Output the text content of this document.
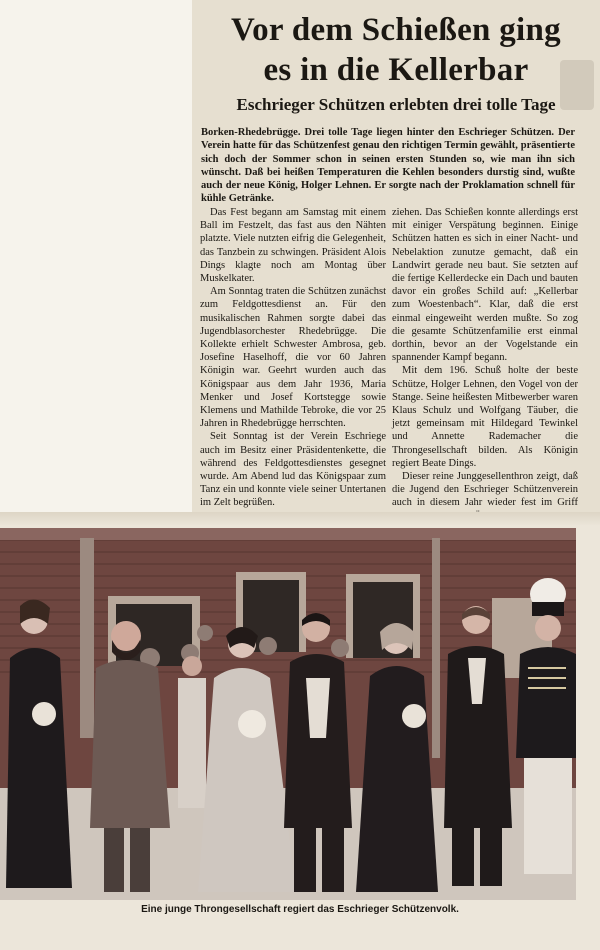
Vor dem Schießen ging
es in die Kellerbar
Eschrieger Schützen erlebten drei tolle Tage

Borken-Rhedebrügge. Drei tolle Tage liegen hinter den Eschrieger Schützen. Der Verein hatte für das Schützenfest genau den richtigen Termin gewählt, präsentierte sich doch der Sommer schon in seinen ersten Stunden so, wie man ihn sich wünscht. Daß bei heißen Temperaturen die Kehlen besonders durstig sind, wußte auch der neue König, Holger Lehnen. Er sorgte nach der Proklamation schnell für kühle Getränke.

Das Fest begann am Samstag mit einem Ball im Festzelt, das fast aus den Nähten platzte. Viele nutzten eifrig die Gelegenheit, das Tanzbein zu schwingen. Präsident Alois Dings klagte noch am Montag über Muskelkater.

Am Sonntag traten die Schützen zunächst zum Feldgottesdienst an. Für den musikalischen Rahmen sorgte dabei das Jugendblasorchester Rhedebrügge. Die Kollekte erhielt Schwester Ambrosa, geb. Josefine Haselhoff, die vor 60 Jahren Königin war. Geehrt wurden auch das Königspaar aus dem Jahr 1936, Maria Menker und Josef Kortstegge sowie Klemens und Mathilde Tebroke, die vor 25 Jahren in Rhedebrügge herrschten.

Seit Sonntag ist der Verein Eschriege auch im Besitz einer Präsidentenkette, die während des Feldgottesdienstes gesegnet wurde. Am Abend lud das Königspaar zum Tanz ein und konnte viele seiner Untertanen im Zelt begrüßen.

ziehen. Das Schießen konnte allerdings erst mit einiger Verspätung beginnen. Einige Schützen hatten es sich in einer Nacht- und Nebelaktion zunutze gemacht, daß ein Landwirt gerade neu baut. Sie setzten auf die fertige Kellerdecke ein Dach und bauten davor ein großes Schild auf: „Kellerbar zum Woestenbach“. Klar, daß die erst einmal eingeweiht werden mußte. So zog die gesamte Schützenfamilie erst einmal dorthin, bevor an der Vogelstande ein spannender Kampf begann.

Mit dem 196. Schuß holte der beste Schütze, Holger Lehnen, den Vogel von der Stange. Seine heißesten Mitbewerber waren Klaus Schulz und Wolfgang Täuber, die jetzt gemeinsam mit Hildegard Tewinkel und Annette Rademacher die Throngesellschaft bilden. Als Königin regiert Beate Dings.

Dieser reine Junggesellenthron zeigt, daß die Jugend den Eschrieger Schützenverein auch in diesem Jahr wieder fest im Griff

Eine junge Throngesellschaft regiert das Eschrieger Schützenvolk.
